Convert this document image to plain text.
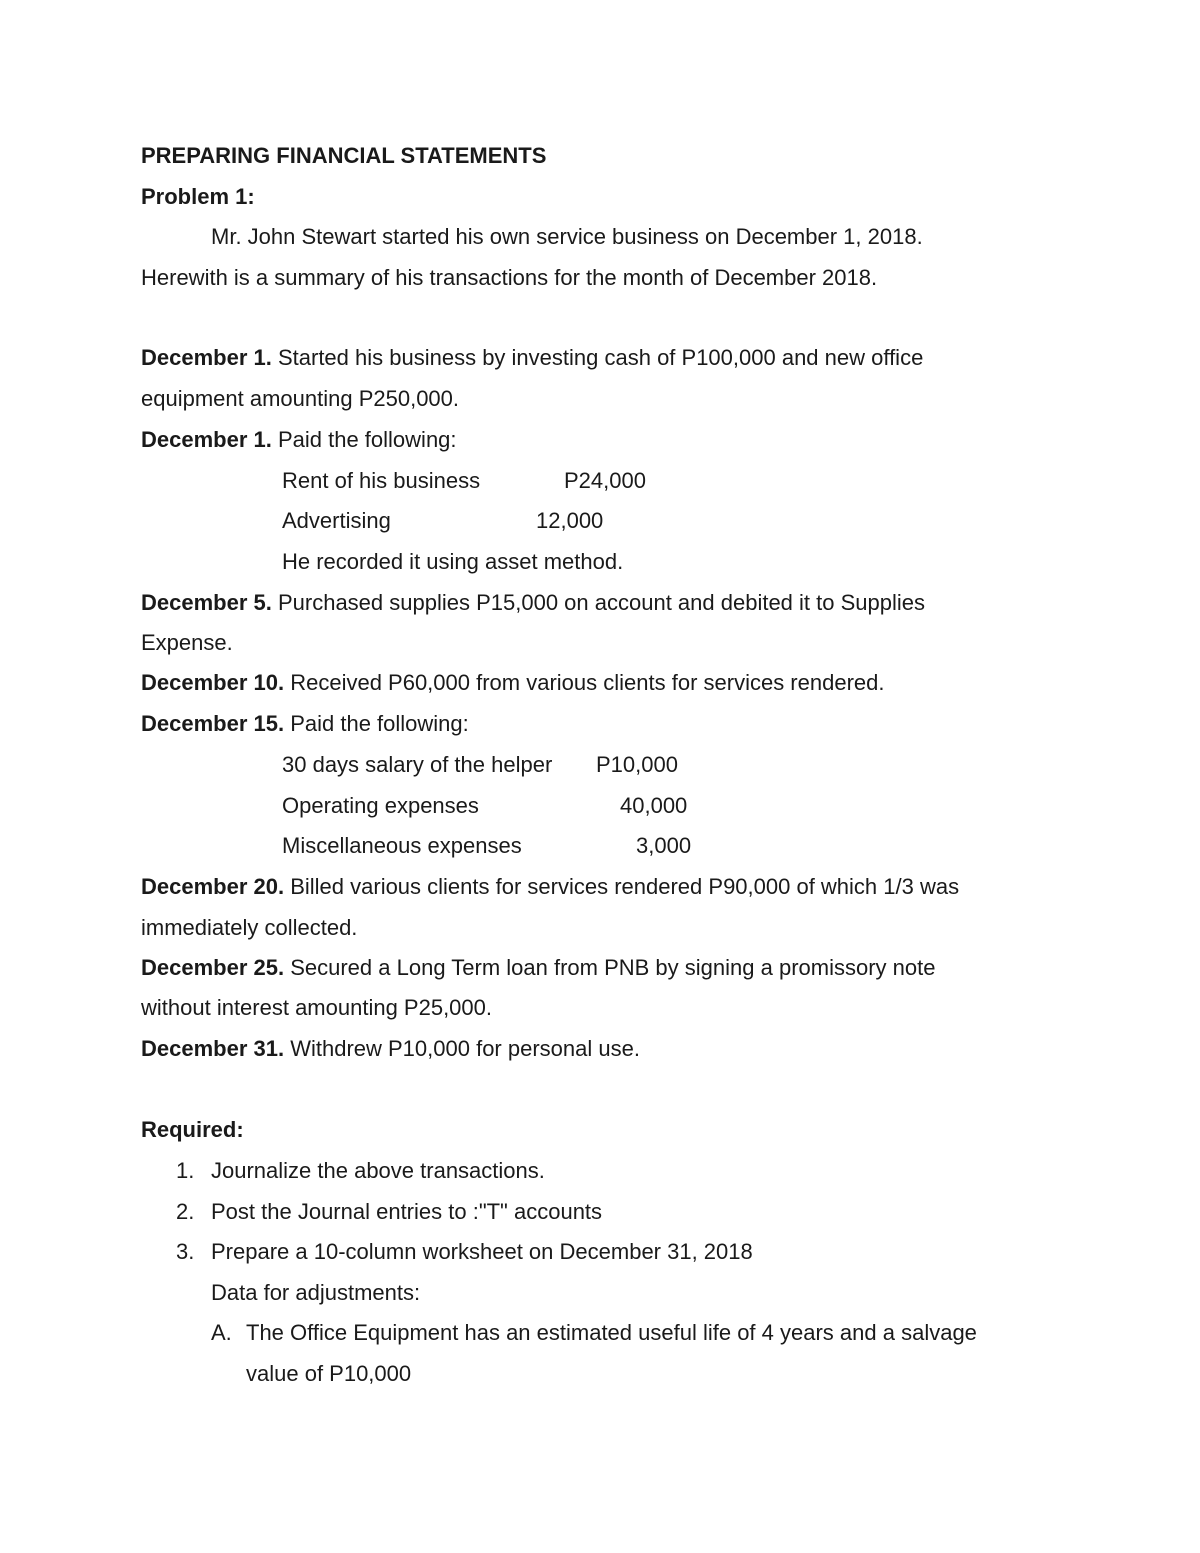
PREPARING FINANCIAL STATEMENTS
Problem 1:
Mr. John Stewart started his own service business on December 1, 2018.
Herewith is a summary of his transactions for the month of December 2018.
December 1. Started his business by investing cash of P100,000 and new office
equipment amounting P250,000.
December 1. Paid the following:
Rent of his business	P24,000
Advertising	12,000
He recorded it using asset method.
December 5. Purchased supplies P15,000 on account and debited it to Supplies
Expense.
December 10. Received P60,000 from various clients for services rendered.
December 15. Paid the following:
30 days salary of the helper P10,000
Operating expenses	40,000
Miscellaneous expenses	3,000
December 20. Billed various clients for services rendered P90,000 of which 1/3 was
immediately collected.
December 25. Secured a Long Term loan from PNB by signing a promissory note
without interest amounting P25,000.
December 31. Withdrew P10,000 for personal use.
Required:
1. Journalize the above transactions.
2. Post the Journal entries to :"T" accounts
3. Prepare a 10-column worksheet on December 31, 2018
Data for adjustments:
A. The Office Equipment has an estimated useful life of 4 years and a salvage
value of P10,000
